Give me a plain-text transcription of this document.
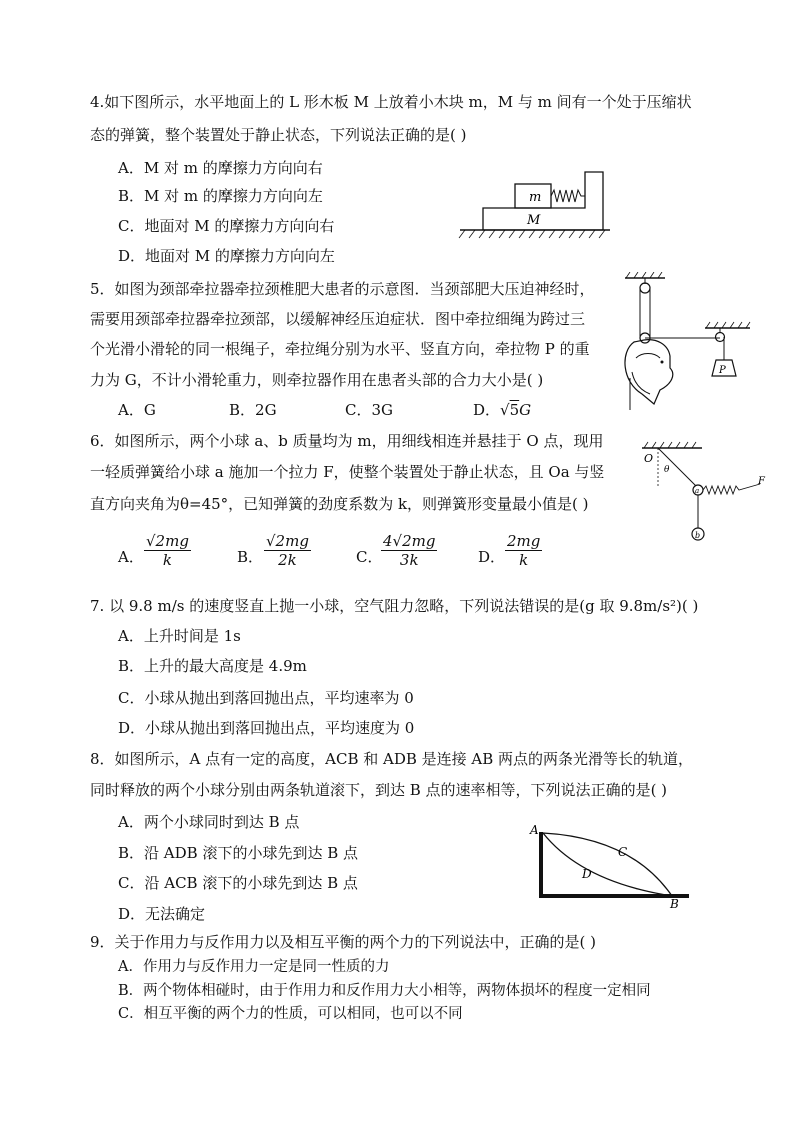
4.如下图所示，水平地面上的 L 形木板 M 上放着小木块 m，M 与 m 间有一个处于压缩状
态的弹簧，整个装置处于静止状态，下列说法正确的是( )
A．M 对 m 的摩擦力方向向右
B．M 对 m 的摩擦力方向向左
C．地面对 M 的摩擦力方向向右
D．地面对 M 的摩擦力方向向左
m
M
5．如图为颈部牵拉器牵拉颈椎肥大患者的示意图．当颈部肥大压迫神经时，
需要用颈部牵拉器牵拉颈部，以缓解神经压迫症状．图中牵拉细绳为跨过三
个光滑小滑轮的同一根绳子，牵拉绳分别为水平、竖直方向，牵拉物 P 的重
力为 G，不计小滑轮重力，则牵拉器作用在患者头部的合力大小是( )
A．G	B．2G	C．3G	D．√5G
P
6．如图所示，两个小球 a、b 质量均为 m，用细线相连并悬挂于 O 点，现用
一轻质弹簧给小球 a 施加一个拉力 F，使整个装置处于静止状态，且 Oa 与竖
直方向夹角为θ=45°，已知弹簧的劲度系数为 k，则弹簧形变量最小值是( )
A． $\frac{√2mg}{k}$	B． $\frac{√2mg}{2k}$	C．
$\frac{4√2mg}{3k}$	D． $\frac{2mg}{k}$
O
θ
a
F
b
7. 以 9.8 m/s 的速度竖直上抛一小球，空气阻力忽略，下列说法错误的是(g 取 9.8m/s²)( )
A．上升时间是 1s
B．上升的最大高度是 4.9m
C．小球从抛出到落回抛出点，平均速率为 0
D．小球从抛出到落回抛出点，平均速度为 0
8．如图所示，A 点有一定的高度，ACB 和 ADB 是连接 AB 两点的两条光滑等长的轨道，
同时释放的两个小球分别由两条轨道滚下，到达 B 点的速率相等，下列说法正确的是( )
A．两个小球同时到达 B 点
B．沿 ADB 滚下的小球先到达 B 点
C．沿 ACB 滚下的小球先到达 B 点
D．无法确定
A
C
D
B
9．关于作用力与反作用力以及相互平衡的两个力的下列说法中，正确的是( )
A．作用力与反作用力一定是同一性质的力
B．两个物体相碰时，由于作用力和反作用力大小相等，两物体损坏的程度一定相同
C．相互平衡的两个力的性质，可以相同，也可以不同
